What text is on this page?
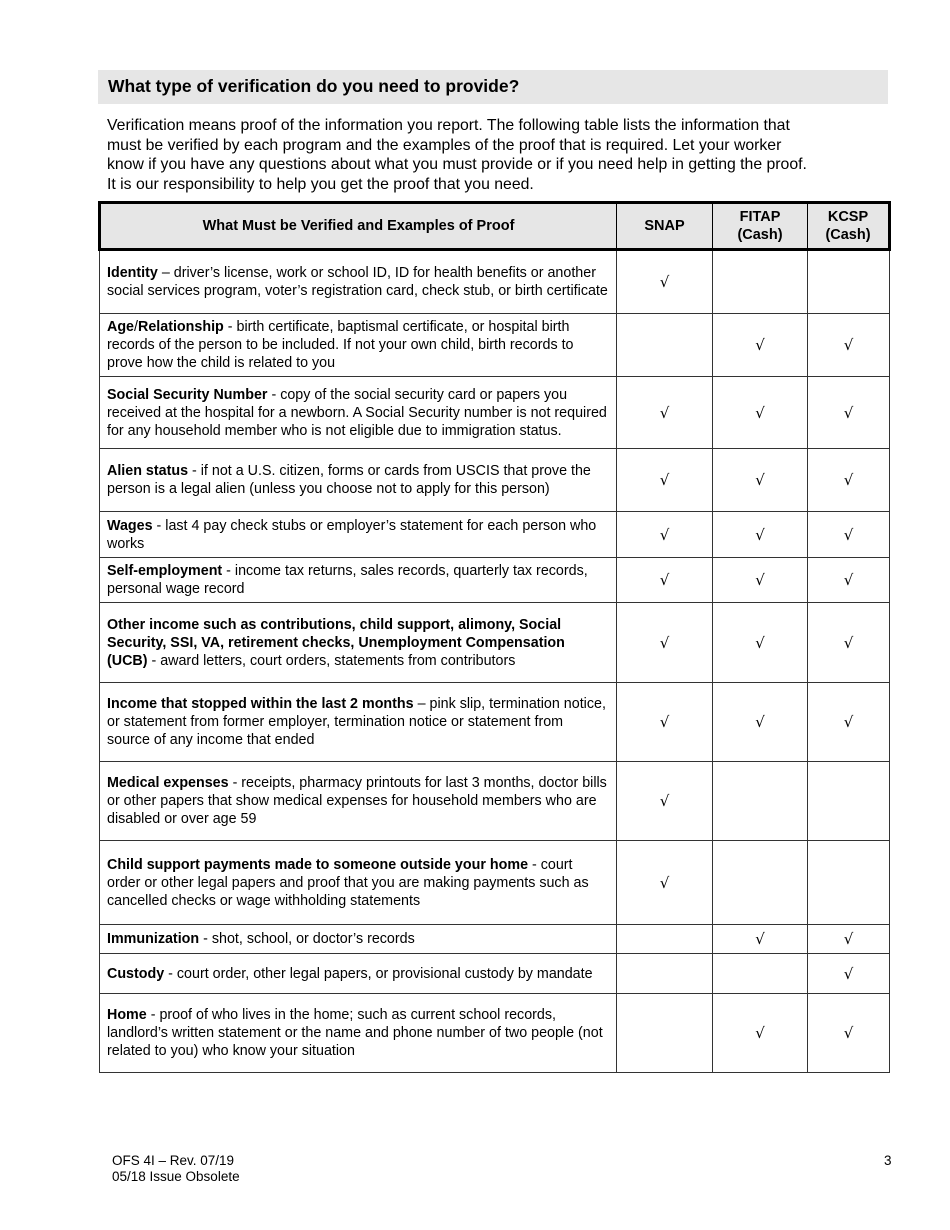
What type of verification do you need to provide?

Verification means proof of the information you report. The following table lists the information that
must be verified by each program and the examples of the proof that is required. Let your worker
know if you have any questions about what you must provide or if you need help in getting the proof.
It is our responsibility to help you get the proof that you need.

What Must be Verified and Examples of Proof	SNAP	FITAP
(Cash)	KCSP
(Cash)
Identity – driver’s license, work or school ID, ID for health benefits or another social services program, voter’s registration card, check stub, or birth certificate	√		
Age/Relationship - birth certificate, baptismal certificate, or hospital birth records of the person to be included. If not your own child, birth records to prove how the child is related to you		√	√
Social Security Number - copy of the social security card or papers you received at the hospital for a newborn. A Social Security number is not required for any household member who is not eligible due to immigration status.	√	√	√
Alien status - if not a U.S. citizen, forms or cards from USCIS that prove the person is a legal alien (unless you choose not to apply for this person)	√	√	√
Wages - last 4 pay check stubs or employer’s statement for each person who works	√	√	√
Self-employment - income tax returns, sales records, quarterly tax records, personal wage record	√	√	√
Other income such as contributions, child support, alimony, Social Security, SSI, VA, retirement checks, Unemployment Compensation (UCB) - award letters, court orders, statements from contributors	√	√	√
Income that stopped within the last 2 months – pink slip, termination notice, or statement from former employer, termination notice or statement from source of any income that ended	√	√	√
Medical expenses - receipts, pharmacy printouts for last 3 months, doctor bills or other papers that show medical expenses for household members who are disabled or over age 59	√		
Child support payments made to someone outside your home - court order or other legal papers and proof that you are making payments such as cancelled checks or wage withholding statements	√		
Immunization - shot, school, or doctor’s records		√	√
Custody - court order, other legal papers, or provisional custody by mandate			√
Home - proof of who lives in the home; such as current school records, landlord’s written statement or the name and phone number of two people (not related to you) who know your situation		√	√
OFS 4I – Rev. 07/19
05/18 Issue Obsolete
3
